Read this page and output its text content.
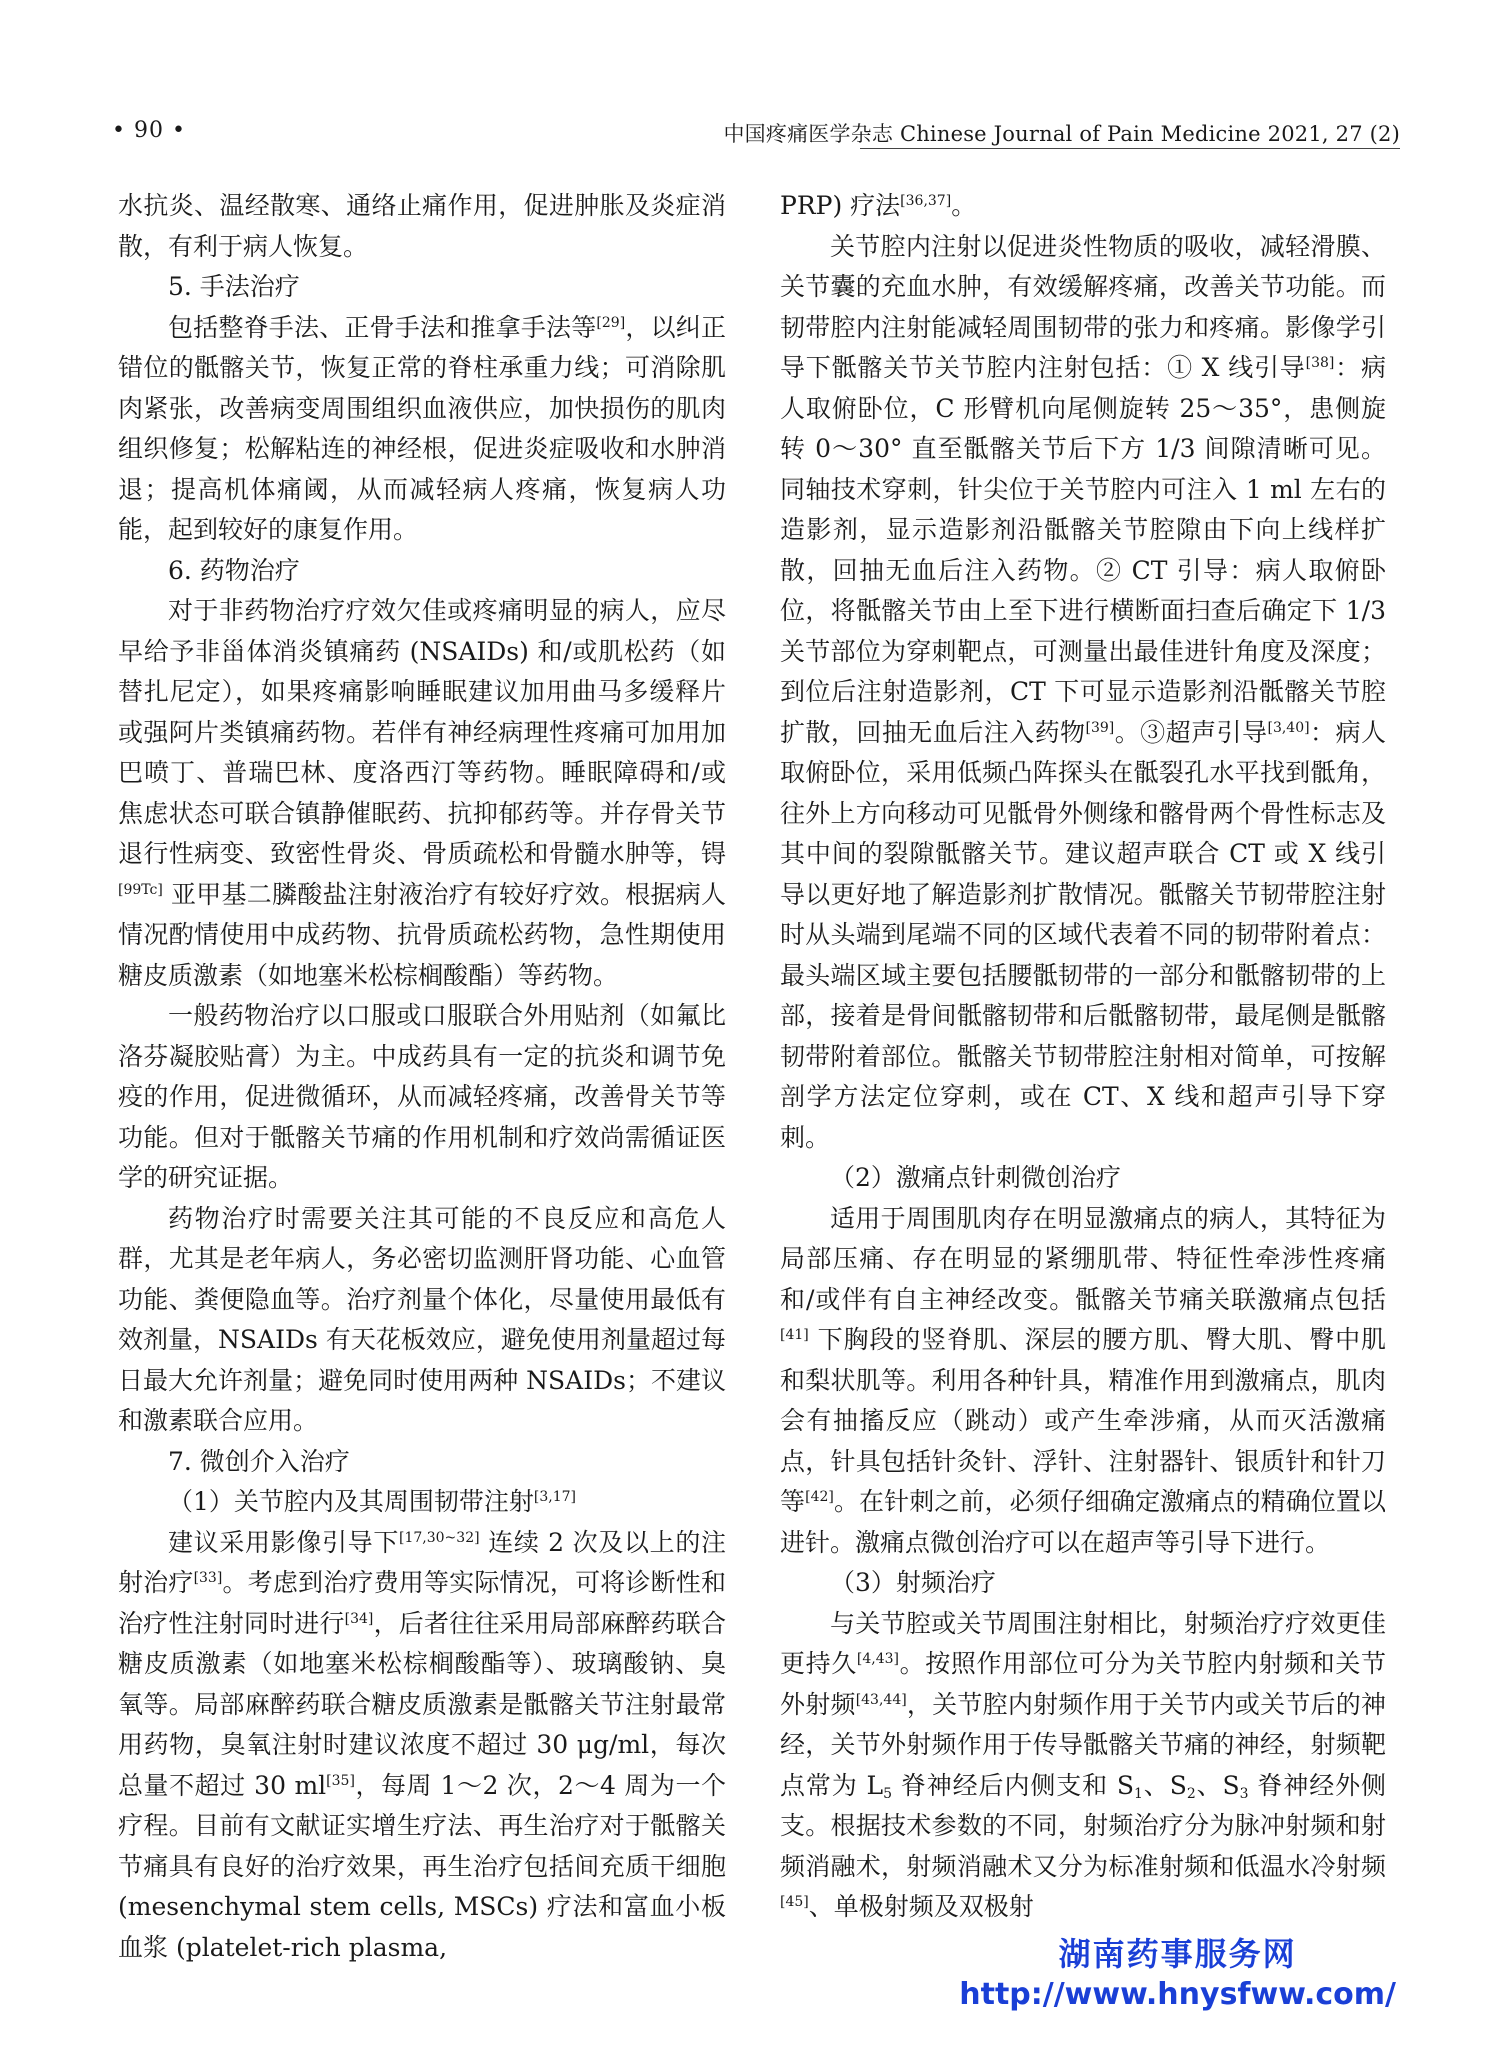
• 90 •	中国疼痛医学杂志 Chinese Journal of Pain Medicine 2021, 27 (2)

水抗炎、温经散寒、通络止痛作用，促进肿胀及炎症消散，有利于病人恢复。

5. 手法治疗

包括整脊手法、正骨手法和推拿手法等[29]，以纠正错位的骶髂关节，恢复正常的脊柱承重力线；可消除肌肉紧张，改善病变周围组织血液供应，加快损伤的肌肉组织修复；松解粘连的神经根，促进炎症吸收和水肿消退；提高机体痛阈，从而减轻病人疼痛，恢复病人功能，起到较好的康复作用。

6. 药物治疗

对于非药物治疗疗效欠佳或疼痛明显的病人，应尽早给予非甾体消炎镇痛药 (NSAIDs) 和/或肌松药（如替扎尼定），如果疼痛影响睡眠建议加用曲马多缓释片或强阿片类镇痛药物。若伴有神经病理性疼痛可加用加巴喷丁、普瑞巴林、度洛西汀等药物。睡眠障碍和/或焦虑状态可联合镇静催眠药、抗抑郁药等。并存骨关节退行性病变、致密性骨炎、骨质疏松和骨髓水肿等，锝[99Tc] 亚甲基二膦酸盐注射液治疗有较好疗效。根据病人情况酌情使用中成药物、抗骨质疏松药物，急性期使用糖皮质激素（如地塞米松棕榈酸酯）等药物。

一般药物治疗以口服或口服联合外用贴剂（如氟比洛芬凝胶贴膏）为主。中成药具有一定的抗炎和调节免疫的作用，促进微循环，从而减轻疼痛，改善骨关节等功能。但对于骶髂关节痛的作用机制和疗效尚需循证医学的研究证据。

药物治疗时需要关注其可能的不良反应和高危人群，尤其是老年病人，务必密切监测肝肾功能、心血管功能、粪便隐血等。治疗剂量个体化，尽量使用最低有效剂量，NSAIDs 有天花板效应，避免使用剂量超过每日最大允许剂量；避免同时使用两种 NSAIDs；不建议和激素联合应用。

7. 微创介入治疗

（1）关节腔内及其周围韧带注射[3,17]

建议采用影像引导下[17,30~32] 连续 2 次及以上的注射治疗[33]。考虑到治疗费用等实际情况，可将诊断性和治疗性注射同时进行[34]，后者往往采用局部麻醉药联合糖皮质激素（如地塞米松棕榈酸酯等）、玻璃酸钠、臭氧等。局部麻醉药联合糖皮质激素是骶髂关节注射最常用药物，臭氧注射时建议浓度不超过 30 μg/ml，每次总量不超过 30 ml[35]，每周 1～2 次，2～4 周为一个疗程。目前有文献证实增生疗法、再生治疗对于骶髂关节痛具有良好的治疗效果，再生治疗包括间充质干细胞 (mesenchymal stem cells, MSCs) 疗法和富血小板血浆 (platelet-rich plasma,

PRP) 疗法[36,37]。

关节腔内注射以促进炎性物质的吸收，减轻滑膜、关节囊的充血水肿，有效缓解疼痛，改善关节功能。而韧带腔内注射能减轻周围韧带的张力和疼痛。影像学引导下骶髂关节关节腔内注射包括：① X 线引导[38]：病人取俯卧位，C 形臂机向尾侧旋转 25～35°，患侧旋转 0～30° 直至骶髂关节后下方 1/3 间隙清晰可见。同轴技术穿刺，针尖位于关节腔内可注入 1 ml 左右的造影剂，显示造影剂沿骶髂关节腔隙由下向上线样扩散，回抽无血后注入药物。② CT 引导：病人取俯卧位，将骶髂关节由上至下进行横断面扫查后确定下 1/3 关节部位为穿刺靶点，可测量出最佳进针角度及深度；到位后注射造影剂，CT 下可显示造影剂沿骶髂关节腔扩散，回抽无血后注入药物[39]。③超声引导[3,40]：病人取俯卧位，采用低频凸阵探头在骶裂孔水平找到骶角，往外上方向移动可见骶骨外侧缘和髂骨两个骨性标志及其中间的裂隙骶髂关节。建议超声联合 CT 或 X 线引导以更好地了解造影剂扩散情况。骶髂关节韧带腔注射时从头端到尾端不同的区域代表着不同的韧带附着点：最头端区域主要包括腰骶韧带的一部分和骶髂韧带的上部，接着是骨间骶髂韧带和后骶髂韧带，最尾侧是骶髂韧带附着部位。骶髂关节韧带腔注射相对简单，可按解剖学方法定位穿刺，或在 CT、X 线和超声引导下穿刺。

（2）激痛点针刺微创治疗

适用于周围肌肉存在明显激痛点的病人，其特征为局部压痛、存在明显的紧绷肌带、特征性牵涉性疼痛和/或伴有自主神经改变。骶髂关节痛关联激痛点包括[41] 下胸段的竖脊肌、深层的腰方肌、臀大肌、臀中肌和梨状肌等。利用各种针具，精准作用到激痛点，肌肉会有抽搐反应（跳动）或产生牵涉痛，从而灭活激痛点，针具包括针灸针、浮针、注射器针、银质针和针刀等[42]。在针刺之前，必须仔细确定激痛点的精确位置以进针。激痛点微创治疗可以在超声等引导下进行。

（3）射频治疗

与关节腔或关节周围注射相比，射频治疗疗效更佳更持久[4,43]。按照作用部位可分为关节腔内射频和关节外射频[43,44]，关节腔内射频作用于关节内或关节后的神经，关节外射频作用于传导骶髂关节痛的神经，射频靶点常为 $L_5$ 脊神经后内侧支和 $S_1$、$S_2$、$S_3$ 脊神经外侧支。根据技术参数的不同，射频治疗分为脉冲射频和射频消融术，射频消融术又分为标准射频和低温水冷射频[45]、单极射频及双极射

湖南药事服务网
http://www.hnysfww.com/
